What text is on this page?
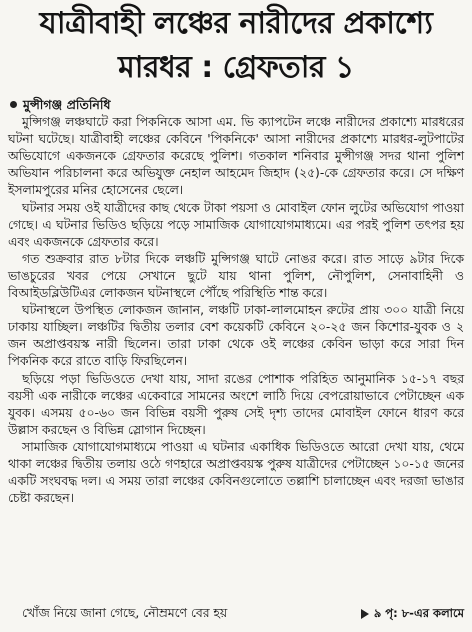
যাত্রীবাহী লঞ্চের নারীদের প্রকাশ্যে
মারধর : গ্রেফতার ১
মুন্সীগঞ্জ প্রতিনিধি

মুন্সিগঞ্জ লঞ্চঘাটে করা পিকনিকে আসা এম. ভি ক্যাপটেন লঞ্চে নারীদের প্রকাশ্যে মারধরের ঘটনা ঘটেছে। যাত্রীবাহী লঞ্চের কেবিনে 'পিকনিকে' আসা নারীদের প্রকাশ্যে মারধর-লুটপাটের অভিযোগে একজনকে গ্রেফতার করেছে পুলিশ। গতকাল শনিবার মুন্সীগঞ্জ সদর থানা পুলিশ অভিযান পরিচালনা করে অভিযুক্ত নেহাল আহমেদ জিহাদ (২৫)-কে গ্রেফতার করে। সে দক্ষিণ ইসলামপুরের মনির হোসেনের ছেলে।

ঘটনার সময় ওই যাত্রীদের কাছ থেকে টাকা পয়সা ও মোবাইল ফোন লুটের অভিযোগ পাওয়া গেছে। এ ঘটনার ভিডিও ছড়িয়ে পড়ে সামাজিক যোগাযোগমাধ্যমে। এর পরই পুলিশ তৎপর হয় এবং একজনকে গ্রেফতার করে।

গত শুক্রবার রাত ৮টার দিকে লঞ্চটি মুন্সিগঞ্জ ঘাটে নোঙর করে। রাত সাড়ে ৯টার দিকে ভাঙচুরের খবর পেয়ে সেখানে ছুটে যায় থানা পুলিশ, নৌপুলিশ, সেনাবাহিনী ও বিআইডব্লিউটিএর লোকজন ঘটনাস্থলে পৌঁছে পরিস্থিতি শান্ত করে।

ঘটনাস্থলে উপস্থিত লোকজন জানান, লঞ্চটি ঢাকা-লালমোহন রুটের প্রায় ৩০০ যাত্রী নিয়ে ঢাকায় যাচ্ছিল। লঞ্চটির দ্বিতীয় তলার বেশ কয়েকটি কেবিনে ২০-২৫ জন কিশোর-যুবক ও ২ জন অপ্রাপ্তবয়স্ক নারী ছিলেন। তারা ঢাকা থেকে ওই লঞ্চের কেবিন ভাড়া করে সারা দিন পিকনিক করে রাতে বাড়ি ফিরছিলেন।

ছড়িয়ে পড়া ভিডিওতে দেখা যায়, সাদা রঙের পোশাক পরিহিত আনুমানিক ১৫-১৭ বছর বয়সী এক নারীকে লঞ্চের একেবারে সামনের অংশে লাঠি দিয়ে বেপরোয়াভাবে পেটাচ্ছেন এক যুবক। এসময় ৫০-৬০ জন বিভিন্ন বয়সী পুরুষ সেই দৃশ্য তাদের মোবাইল ফোনে ধারণ করে উল্লাস করছেন ও বিভিন্ন স্লোগান দিচ্ছেন।

সামাজিক যোগাযোগমাধ্যমে পাওয়া এ ঘটনার একাধিক ভিডিওতে আরো দেখা যায়, থেমে থাকা লঞ্চের দ্বিতীয় তলায় ওঠে গণহারে অপ্রাপ্তবয়স্ক পুরুষ যাত্রীদের পেটাচ্ছেন ১০-১৫ জনের একটি সংঘবদ্ধ দল। এ সময় তারা লঞ্চের কেবিনগুলোতে তল্লাশি চালাচ্ছেন এবং দরজা ভাঙার চেষ্টা করছেন।

খোঁজ নিয়ে জানা গেছে, নৌম্রমণে বের হয়	৯ পৃ: ৮-এর কলামে
